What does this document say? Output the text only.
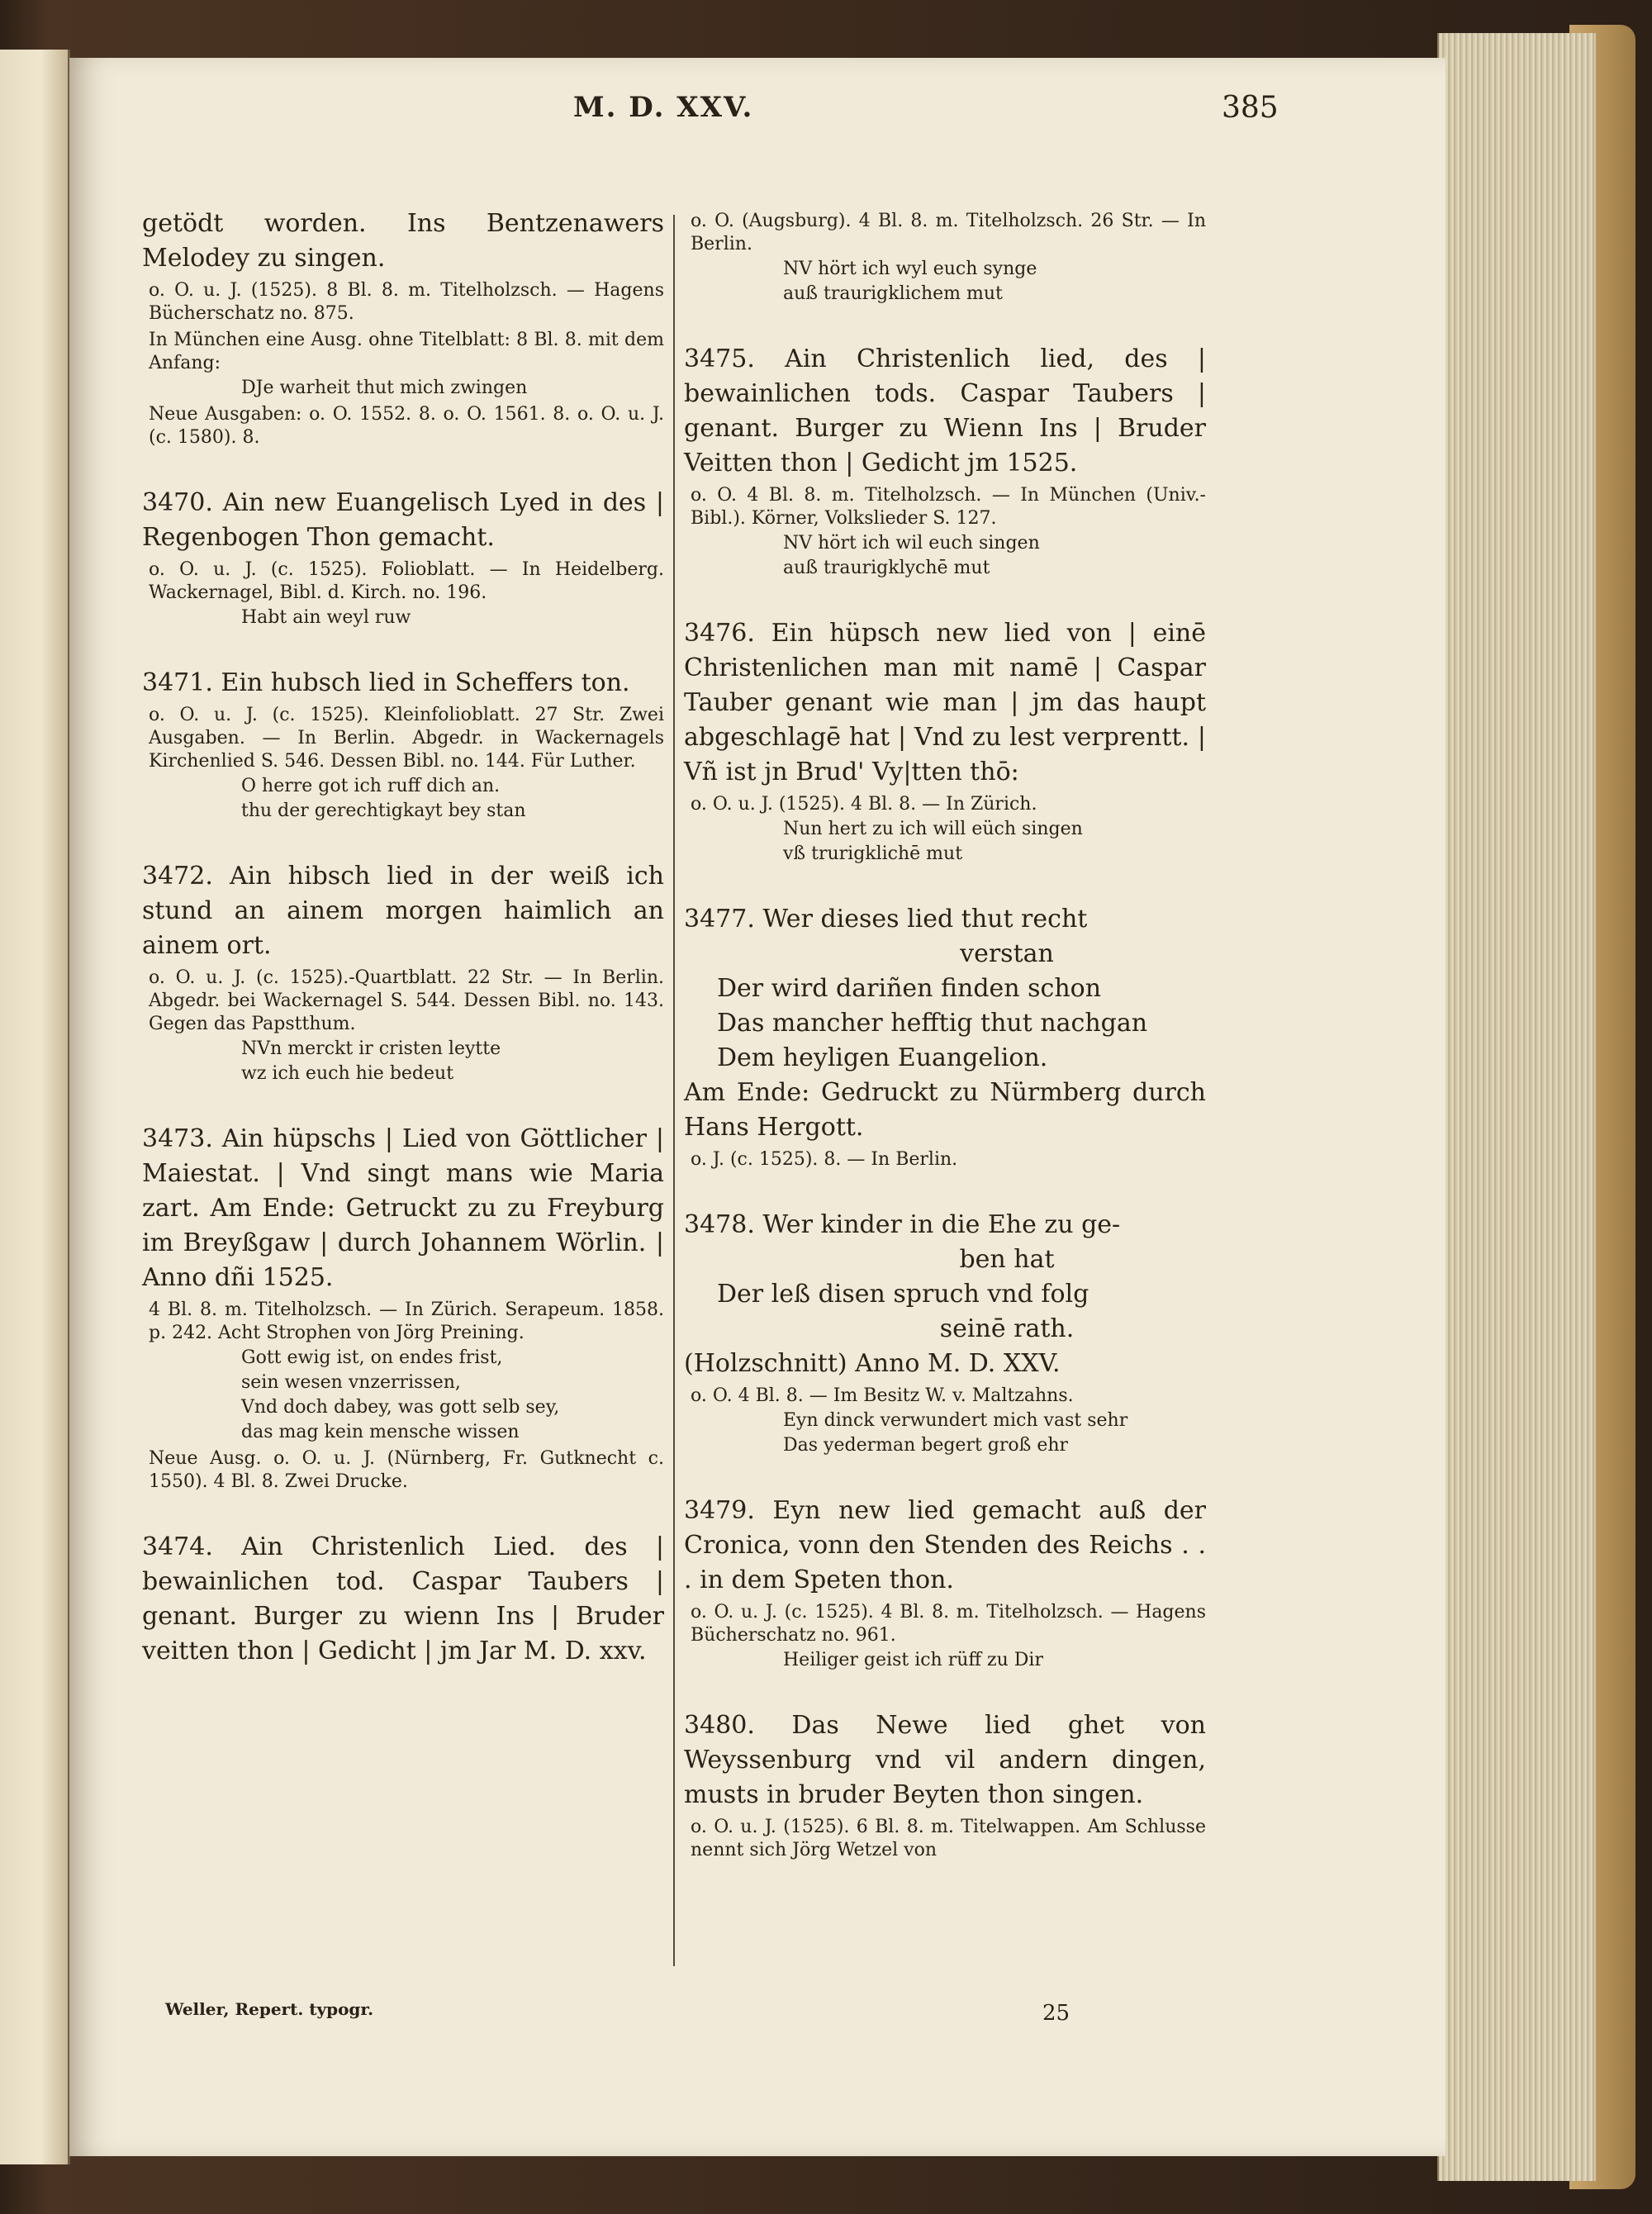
M. D. XXV.	385
getödt worden. Ins Bentzenawers Melodey zu singen.
o. O. u. J. (1525). 8 Bl. 8. m. Titelholzsch. — Hagens Bücherschatz no. 875.
In München eine Ausg. ohne Titelblatt: 8 Bl. 8. mit dem Anfang:
DJe warheit thut mich zwingen
Neue Ausgaben: o. O. 1552. 8. o. O. 1561. 8. o. O. u. J. (c. 1580). 8.
3470. Ain new Euangelisch Lyed in des | Regenbogen Thon gemacht.
o. O. u. J. (c. 1525). Folioblatt. — In Heidelberg. Wackernagel, Bibl. d. Kirch. no. 196.
Habt ain weyl ruw
3471. Ein hubsch lied in Scheffers ton.
o. O. u. J. (c. 1525). Kleinfolioblatt. 27 Str. Zwei Ausgaben. — In Berlin. Abgedr. in Wackernagels Kirchenlied S. 546. Dessen Bibl. no. 144. Für Luther.
O herre got ich ruff dich an.
thu der gerechtigkayt bey stan
3472. Ain hibsch lied in der weiß ich stund an ainem morgen haimlich an ainem ort.
o. O. u. J. (c. 1525).-Quartblatt. 22 Str. — In Berlin. Abgedr. bei Wackernagel S. 544. Dessen Bibl. no. 143. Gegen das Papstthum.
NVn merckt ir cristen leytte
wz ich euch hie bedeut
3473. Ain hüpschs | Lied von Göttlicher | Maiestat. | Vnd singt mans wie Maria zart. Am Ende: Getruckt zu zu Freyburg im Breyßgaw | durch Johannem Wörlin. | Anno dñi 1525.
4 Bl. 8. m. Titelholzsch. — In Zürich. Serapeum. 1858. p. 242. Acht Strophen von Jörg Preining.
Gott ewig ist, on endes frist,
sein wesen vnzerrissen,
Vnd doch dabey, was gott selb sey,
das mag kein mensche wissen
Neue Ausg. o. O. u. J. (Nürnberg, Fr. Gutknecht c. 1550). 4 Bl. 8. Zwei Drucke.
3474. Ain Christenlich Lied. des | bewainlichen tod. Caspar Taubers | genant. Burger zu wienn Ins | Bruder veitten thon | Gedicht | jm Jar M. D. xxv.
o. O. (Augsburg). 4 Bl. 8. m. Titelholzsch. 26 Str. — In Berlin.
NV hört ich wyl euch synge
auß traurigklichem mut
3475. Ain Christenlich lied, des | bewainlichen tods. Caspar Taubers | genant. Burger zu Wienn Ins | Bruder Veitten thon | Gedicht jm 1525.
o. O. 4 Bl. 8. m. Titelholzsch. — In München (Univ.-Bibl.). Körner, Volkslieder S. 127.
NV hört ich wil euch singen
auß traurigklychē mut
3476. Ein hüpsch new lied von | einē Christenlichen man mit namē | Caspar Tauber genant wie man | jm das haupt abgeschlagē hat | Vnd zu lest verprentt. | Vñ ist jn Brud' Vy|tten thō:
o. O. u. J. (1525). 4 Bl. 8. — In Zürich.
Nun hert zu ich will eüch singen
vß trurigklichē mut
3477. Wer dieses lied thut recht
verstan
Der wird dariñen finden schon
Das mancher hefftig thut nachgan
Dem heyligen Euangelion.
Am Ende: Gedruckt zu Nürmberg durch Hans Hergott.
o. J. (c. 1525). 8. — In Berlin.
3478. Wer kinder in die Ehe zu ge-
ben hat
Der leß disen spruch vnd folg
seinē rath.
(Holzschnitt) Anno M. D. XXV.
o. O. 4 Bl. 8. — Im Besitz W. v. Maltzahns.
Eyn dinck verwundert mich vast sehr
Das yederman begert groß ehr
3479. Eyn new lied gemacht auß der Cronica, vonn den Stenden des Reichs . . . in dem Speten thon.
o. O. u. J. (c. 1525). 4 Bl. 8. m. Titelholzsch. — Hagens Bücherschatz no. 961.
Heiliger geist ich rüff zu Dir
3480. Das Newe lied ghet von Weyssenburg vnd vil andern dingen, musts in bruder Beyten thon singen.
o. O. u. J. (1525). 6 Bl. 8. m. Titelwappen. Am Schlusse nennt sich Jörg Wetzel von
Weller, Repert. typogr.	25
